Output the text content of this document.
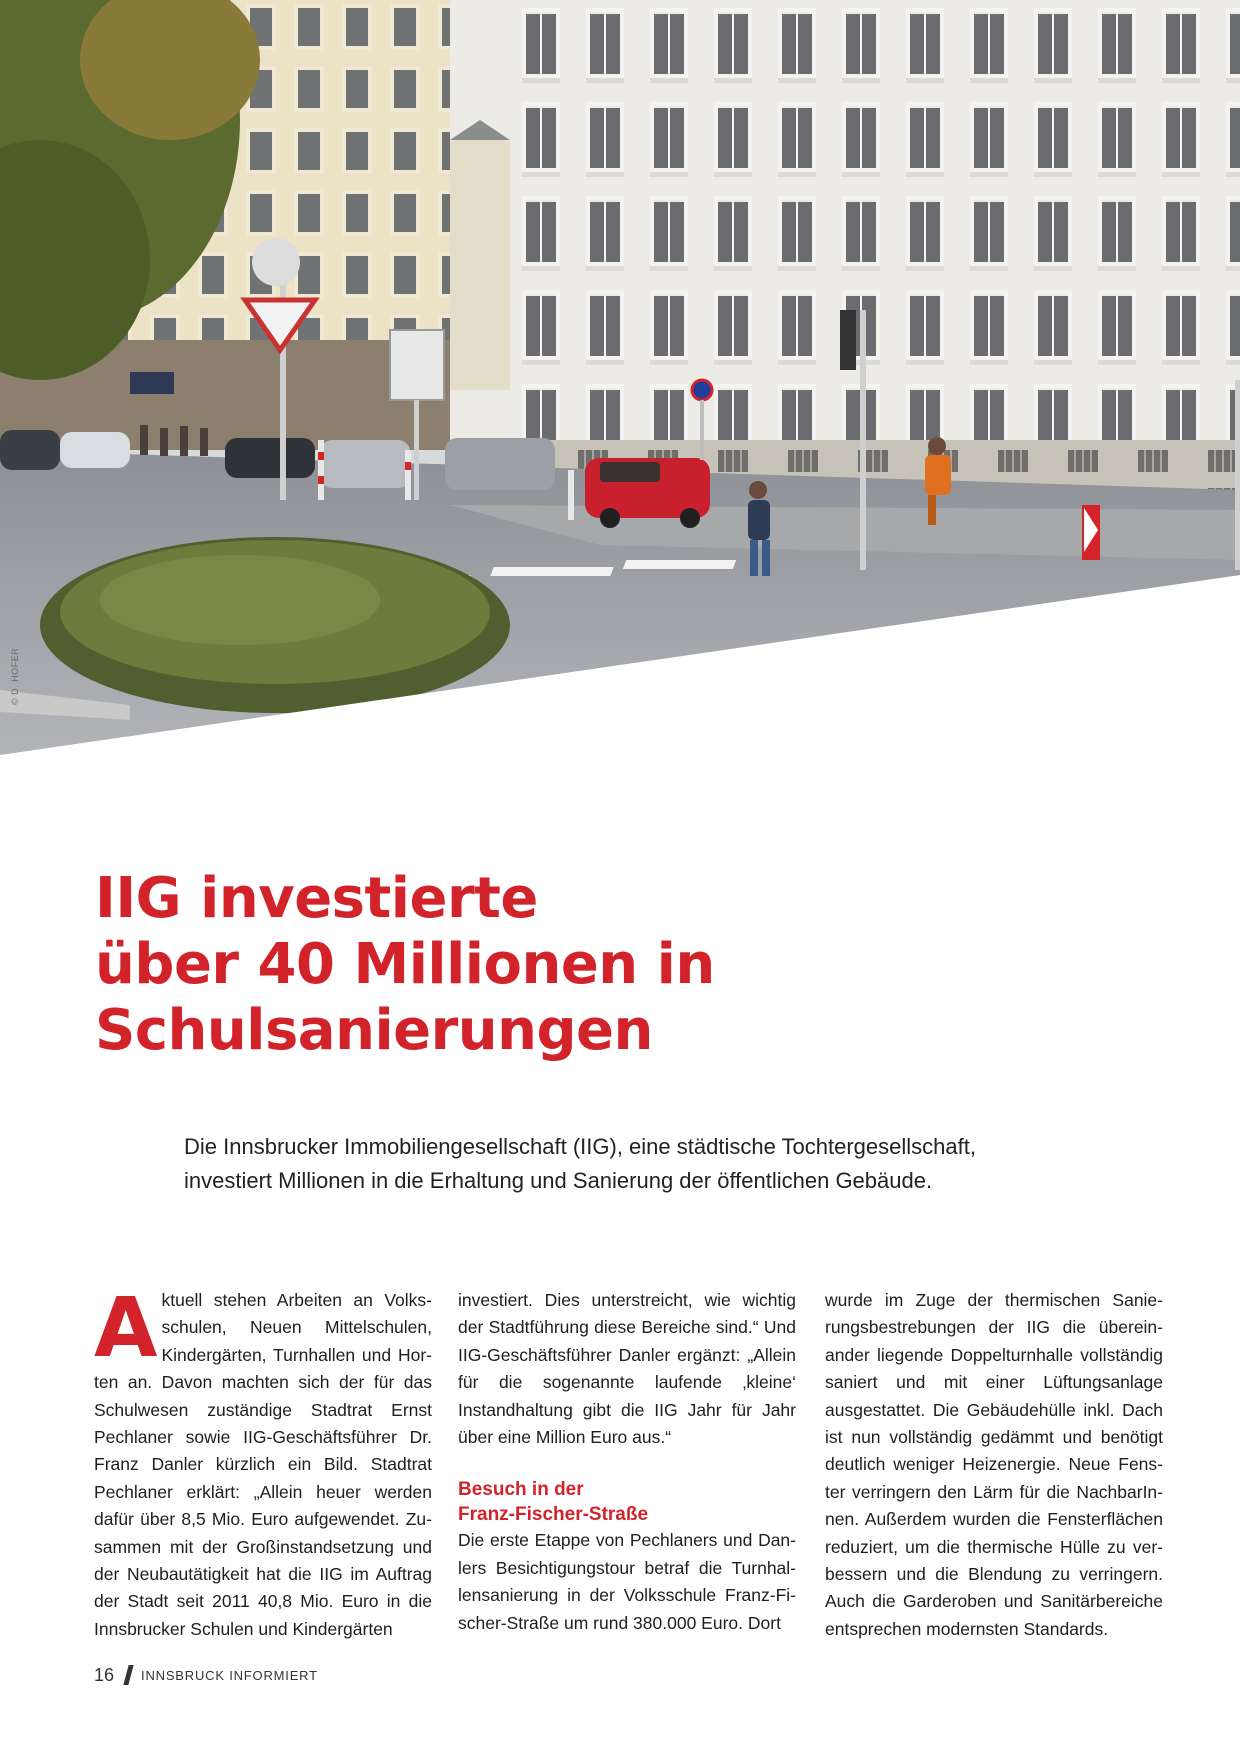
© D. HOFER
IIG investierte
über 40 Millionen in
Schulsanierungen

Die Innsbrucker Immobiliengesellschaft (IIG), eine städtische Tochtergesellschaft,
investiert Millionen in die Erhaltung und Sanierung der öffentlichen Gebäude.

Aktuell stehen Arbeiten an Volksschulen, Neuen Mittelschulen, Kindergärten, Turnhallen und Horten an. Davon machten sich der für das Schulwesen zuständige Stadtrat Ernst Pechlaner sowie IIG-Geschäftsführer Dr. Franz Danler kürzlich ein Bild. Stadtrat Pechlaner erklärt: „Allein heuer werden dafür über 8,5 Mio. Euro aufgewendet. Zusammen mit der Großinstandsetzung und der Neubautätigkeit hat die IIG im Auftrag der Stadt seit 2011 40,8 Mio. Euro in die Innsbrucker Schulen und Kindergärten

investiert. Dies unterstreicht, wie wichtig der Stadtführung diese Bereiche sind.“ Und IIG-Geschäftsführer Danler ergänzt: „Allein für die sogenannte laufende ‚kleine‘ Instandhaltung gibt die IIG Jahr für Jahr über eine Million Euro aus.“

Besuch in der
Franz-Fischer-Straße

Die erste Etappe von Pechlaners und Danlers Besichtigungstour betraf die Turnhallensanierung in der Volksschule Franz-Fischer-Straße um rund 380.000 Euro. Dort

wurde im Zuge der thermischen Sanierungsbestrebungen der IIG die übereinander liegende Doppelturnhalle vollständig saniert und mit einer Lüftungsanlage ausgestattet. Die Gebäudehülle inkl. Dach ist nun vollständig gedämmt und benötigt deutlich weniger Heizenergie. Neue Fenster verringern den Lärm für die NachbarInnen. Außerdem wurden die Fensterflächen reduziert, um die thermische Hülle zu verbessern und die Blendung zu verringern. Auch die Garderoben und Sanitärbereiche entsprechen modernsten Standards.

16 INNSBRUCK INFORMIERT
